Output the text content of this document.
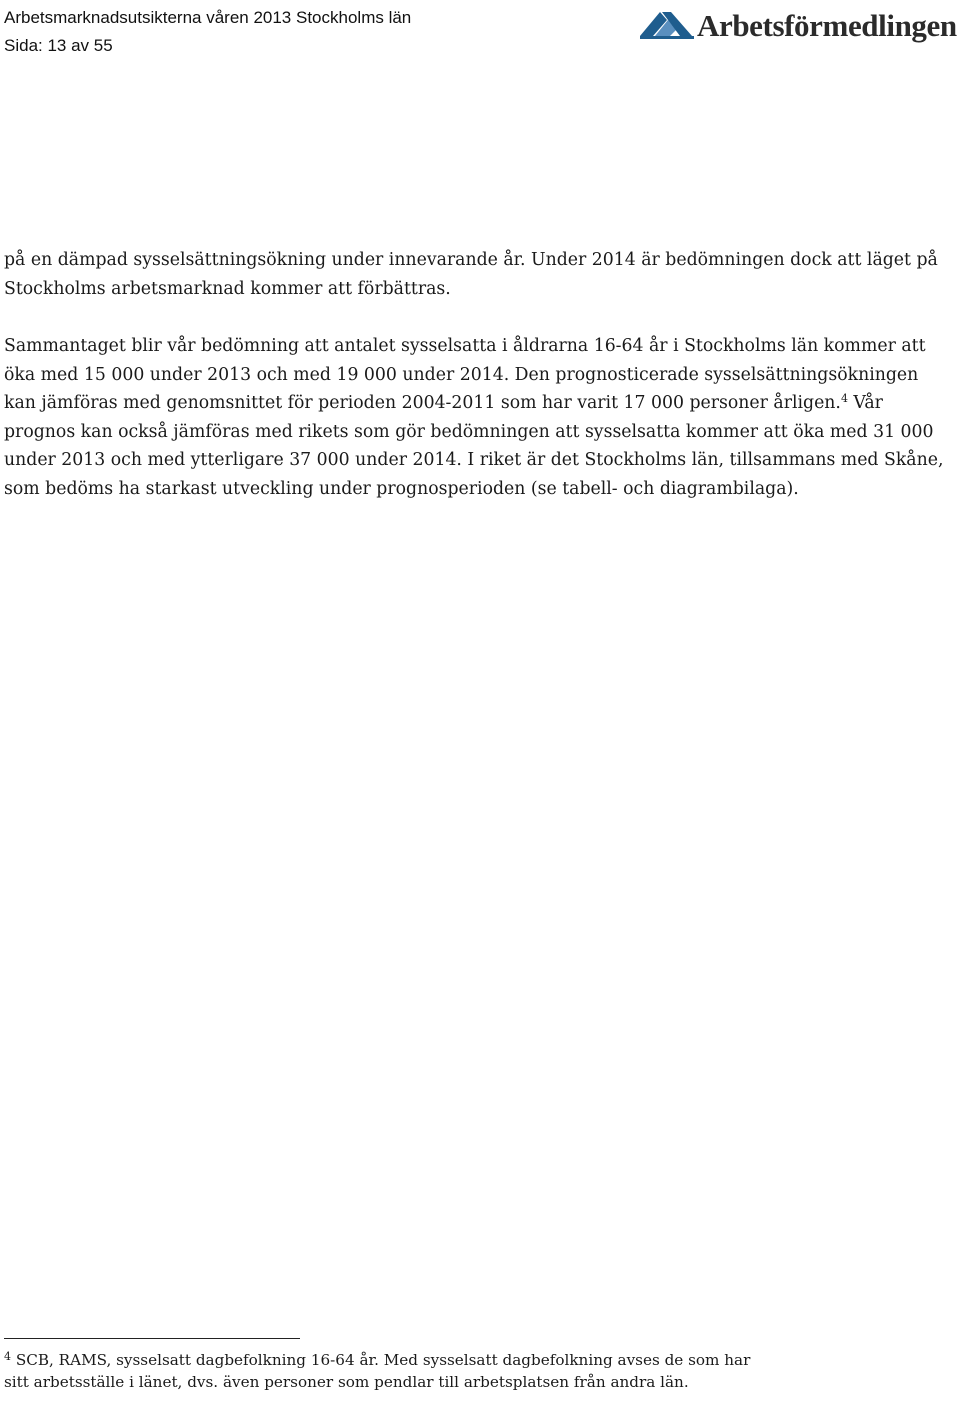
Arbetsmarknadsutsikterna våren 2013 Stockholms län
Sida: 13 av 55
Arbetsförmedlingen

på en dämpad sysselsättningsökning under innevarande år. Under 2014 är bedömningen dock att läget på Stockholms arbetsmarknad kommer att förbättras.

Sammantaget blir vår bedömning att antalet sysselsatta i åldrarna 16-64 år i Stockholms län kommer att öka med 15 000 under 2013 och med 19 000 under 2014. Den prognosticerade sysselsättningsökningen kan jämföras med genomsnittet för perioden 2004-2011 som har varit 17 000 personer årligen.$^4$ Vår prognos kan också jämföras med rikets som gör bedömningen att sysselsatta kommer att öka med 31 000 under 2013 och med ytterligare 37 000 under 2014. I riket är det Stockholms län, tillsammans med Skåne, som bedöms ha starkast utveckling under prognosperioden (se tabell- och diagrambilaga).

$^4$ SCB, RAMS, sysselsatt dagbefolkning 16-64 år. Med sysselsatt dagbefolkning avses de som har sitt arbetsställe i länet, dvs. även personer som pendlar till arbetsplatsen från andra län.
